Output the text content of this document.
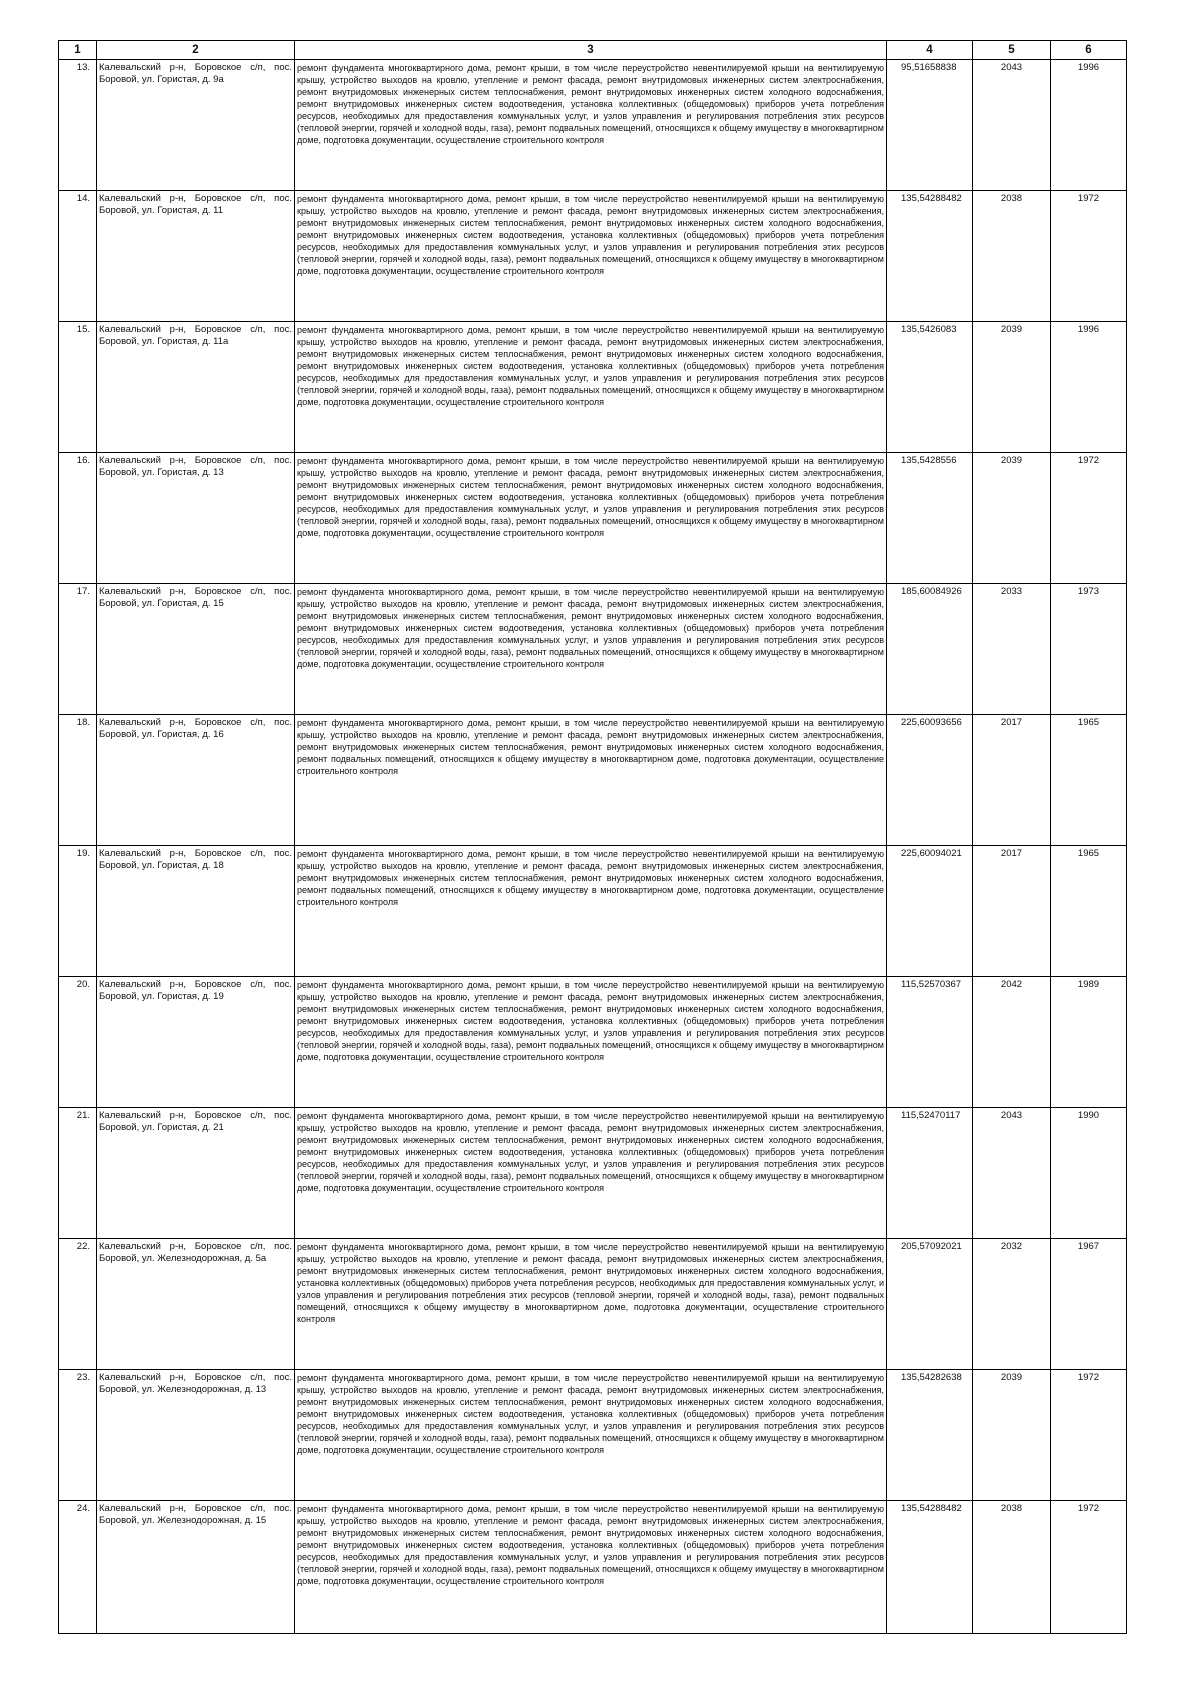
1	2	3	4	5	6
13.	Калевальский р-н, Боровское с/п, пос. Боровой, ул. Гористая, д. 9а	ремонт фундамента многоквартирного дома, ремонт крыши, в том числе переустройство невентилируемой крыши на вентилируемую крышу, устройство выходов на кровлю, утепление и ремонт фасада, ремонт внутридомовых инженерных систем электроснабжения, ремонт внутридомовых инженерных систем теплоснабжения, ремонт внутридомовых инженерных систем холодного водоснабжения, ремонт внутридомовых инженерных систем водоотведения, установка коллективных (общедомовых) приборов учета потребления ресурсов, необходимых для предоставления коммунальных услуг, и узлов управления и регулирования потребления этих ресурсов (тепловой энергии, горячей и холодной воды, газа), ремонт подвальных помещений, относящихся к общему имуществу в многоквартирном доме, подготовка документации, осуществление строительного контроля	95,51658838	2043	1996
14.	Калевальский р-н, Боровское с/п, пос. Боровой, ул. Гористая, д. 11	ремонт фундамента многоквартирного дома, ремонт крыши, в том числе переустройство невентилируемой крыши на вентилируемую крышу, устройство выходов на кровлю, утепление и ремонт фасада, ремонт внутридомовых инженерных систем электроснабжения, ремонт внутридомовых инженерных систем теплоснабжения, ремонт внутридомовых инженерных систем холодного водоснабжения, ремонт внутридомовых инженерных систем водоотведения, установка коллективных (общедомовых) приборов учета потребления ресурсов, необходимых для предоставления коммунальных услуг, и узлов управления и регулирования потребления этих ресурсов (тепловой энергии, горячей и холодной воды, газа), ремонт подвальных помещений, относящихся к общему имуществу в многоквартирном доме, подготовка документации, осуществление строительного контроля	135,54288482	2038	1972
15.	Калевальский р-н, Боровское с/п, пос. Боровой, ул. Гористая, д. 11а	ремонт фундамента многоквартирного дома, ремонт крыши, в том числе переустройство невентилируемой крыши на вентилируемую крышу, устройство выходов на кровлю, утепление и ремонт фасада, ремонт внутридомовых инженерных систем электроснабжения, ремонт внутридомовых инженерных систем теплоснабжения, ремонт внутридомовых инженерных систем холодного водоснабжения, ремонт внутридомовых инженерных систем водоотведения, установка коллективных (общедомовых) приборов учета потребления ресурсов, необходимых для предоставления коммунальных услуг, и узлов управления и регулирования потребления этих ресурсов (тепловой энергии, горячей и холодной воды, газа), ремонт подвальных помещений, относящихся к общему имуществу в многоквартирном доме, подготовка документации, осуществление строительного контроля	135,5426083	2039	1996
16.	Калевальский р-н, Боровское с/п, пос. Боровой, ул. Гористая, д. 13	ремонт фундамента многоквартирного дома, ремонт крыши, в том числе переустройство невентилируемой крыши на вентилируемую крышу, устройство выходов на кровлю, утепление и ремонт фасада, ремонт внутридомовых инженерных систем электроснабжения, ремонт внутридомовых инженерных систем теплоснабжения, ремонт внутридомовых инженерных систем холодного водоснабжения, ремонт внутридомовых инженерных систем водоотведения, установка коллективных (общедомовых) приборов учета потребления ресурсов, необходимых для предоставления коммунальных услуг, и узлов управления и регулирования потребления этих ресурсов (тепловой энергии, горячей и холодной воды, газа), ремонт подвальных помещений, относящихся к общему имуществу в многоквартирном доме, подготовка документации, осуществление строительного контроля	135,5428556	2039	1972
17.	Калевальский р-н, Боровское с/п, пос. Боровой, ул. Гористая, д. 15	ремонт фундамента многоквартирного дома, ремонт крыши, в том числе переустройство невентилируемой крыши на вентилируемую крышу, устройство выходов на кровлю, утепление и ремонт фасада, ремонт внутридомовых инженерных систем электроснабжения, ремонт внутридомовых инженерных систем теплоснабжения, ремонт внутридомовых инженерных систем холодного водоснабжения, ремонт внутридомовых инженерных систем водоотведения, установка коллективных (общедомовых) приборов учета потребления ресурсов, необходимых для предоставления коммунальных услуг, и узлов управления и регулирования потребления этих ресурсов (тепловой энергии, горячей и холодной воды, газа), ремонт подвальных помещений, относящихся к общему имуществу в многоквартирном доме, подготовка документации, осуществление строительного контроля	185,60084926	2033	1973
18.	Калевальский р-н, Боровское с/п, пос. Боровой, ул. Гористая, д. 16	ремонт фундамента многоквартирного дома, ремонт крыши, в том числе переустройство невентилируемой крыши на вентилируемую крышу, устройство выходов на кровлю, утепление и ремонт фасада, ремонт внутридомовых инженерных систем электроснабжения, ремонт внутридомовых инженерных систем теплоснабжения, ремонт внутридомовых инженерных систем холодного водоснабжения, ремонт подвальных помещений, относящихся к общему имуществу в многоквартирном доме, подготовка документации, осуществление строительного контроля	225,60093656	2017	1965
19.	Калевальский р-н, Боровское с/п, пос. Боровой, ул. Гористая, д. 18	ремонт фундамента многоквартирного дома, ремонт крыши, в том числе переустройство невентилируемой крыши на вентилируемую крышу, устройство выходов на кровлю, утепление и ремонт фасада, ремонт внутридомовых инженерных систем электроснабжения, ремонт внутридомовых инженерных систем теплоснабжения, ремонт внутридомовых инженерных систем холодного водоснабжения, ремонт подвальных помещений, относящихся к общему имуществу в многоквартирном доме, подготовка документации, осуществление строительного контроля	225,60094021	2017	1965
20.	Калевальский р-н, Боровское с/п, пос. Боровой, ул. Гористая, д. 19	ремонт фундамента многоквартирного дома, ремонт крыши, в том числе переустройство невентилируемой крыши на вентилируемую крышу, устройство выходов на кровлю, утепление и ремонт фасада, ремонт внутридомовых инженерных систем электроснабжения, ремонт внутридомовых инженерных систем теплоснабжения, ремонт внутридомовых инженерных систем холодного водоснабжения, ремонт внутридомовых инженерных систем водоотведения, установка коллективных (общедомовых) приборов учета потребления ресурсов, необходимых для предоставления коммунальных услуг, и узлов управления и регулирования потребления этих ресурсов (тепловой энергии, горячей и холодной воды, газа), ремонт подвальных помещений, относящихся к общему имуществу в многоквартирном доме, подготовка документации, осуществление строительного контроля	115,52570367	2042	1989
21.	Калевальский р-н, Боровское с/п, пос. Боровой, ул. Гористая, д. 21	ремонт фундамента многоквартирного дома, ремонт крыши, в том числе переустройство невентилируемой крыши на вентилируемую крышу, устройство выходов на кровлю, утепление и ремонт фасада, ремонт внутридомовых инженерных систем электроснабжения, ремонт внутридомовых инженерных систем теплоснабжения, ремонт внутридомовых инженерных систем холодного водоснабжения, ремонт внутридомовых инженерных систем водоотведения, установка коллективных (общедомовых) приборов учета потребления ресурсов, необходимых для предоставления коммунальных услуг, и узлов управления и регулирования потребления этих ресурсов (тепловой энергии, горячей и холодной воды, газа), ремонт подвальных помещений, относящихся к общему имуществу в многоквартирном доме, подготовка документации, осуществление строительного контроля	115,52470117	2043	1990
22.	Калевальский р-н, Боровское с/п, пос. Боровой, ул. Железнодорожная, д. 5а	ремонт фундамента многоквартирного дома, ремонт крыши, в том числе переустройство невентилируемой крыши на вентилируемую крышу, устройство выходов на кровлю, утепление и ремонт фасада, ремонт внутридомовых инженерных систем электроснабжения, ремонт внутридомовых инженерных систем теплоснабжения, ремонт внутридомовых инженерных систем холодного водоснабжения, установка коллективных (общедомовых) приборов учета потребления ресурсов, необходимых для предоставления коммунальных услуг, и узлов управления и регулирования потребления этих ресурсов (тепловой энергии, горячей и холодной воды, газа), ремонт подвальных помещений, относящихся к общему имуществу в многоквартирном доме, подготовка документации, осуществление строительного контроля	205,57092021	2032	1967
23.	Калевальский р-н, Боровское с/п, пос. Боровой, ул. Железнодорожная, д. 13	ремонт фундамента многоквартирного дома, ремонт крыши, в том числе переустройство невентилируемой крыши на вентилируемую крышу, устройство выходов на кровлю, утепление и ремонт фасада, ремонт внутридомовых инженерных систем электроснабжения, ремонт внутридомовых инженерных систем теплоснабжения, ремонт внутридомовых инженерных систем холодного водоснабжения, ремонт внутридомовых инженерных систем водоотведения, установка коллективных (общедомовых) приборов учета потребления ресурсов, необходимых для предоставления коммунальных услуг, и узлов управления и регулирования потребления этих ресурсов (тепловой энергии, горячей и холодной воды, газа), ремонт подвальных помещений, относящихся к общему имуществу в многоквартирном доме, подготовка документации, осуществление строительного контроля	135,54282638	2039	1972
24.	Калевальский р-н, Боровское с/п, пос. Боровой, ул. Железнодорожная, д. 15	ремонт фундамента многоквартирного дома, ремонт крыши, в том числе переустройство невентилируемой крыши на вентилируемую крышу, устройство выходов на кровлю, утепление и ремонт фасада, ремонт внутридомовых инженерных систем электроснабжения, ремонт внутридомовых инженерных систем теплоснабжения, ремонт внутридомовых инженерных систем холодного водоснабжения, ремонт внутридомовых инженерных систем водоотведения, установка коллективных (общедомовых) приборов учета потребления ресурсов, необходимых для предоставления коммунальных услуг, и узлов управления и регулирования потребления этих ресурсов (тепловой энергии, горячей и холодной воды, газа), ремонт подвальных помещений, относящихся к общему имуществу в многоквартирном доме, подготовка документации, осуществление строительного контроля	135,54288482	2038	1972
